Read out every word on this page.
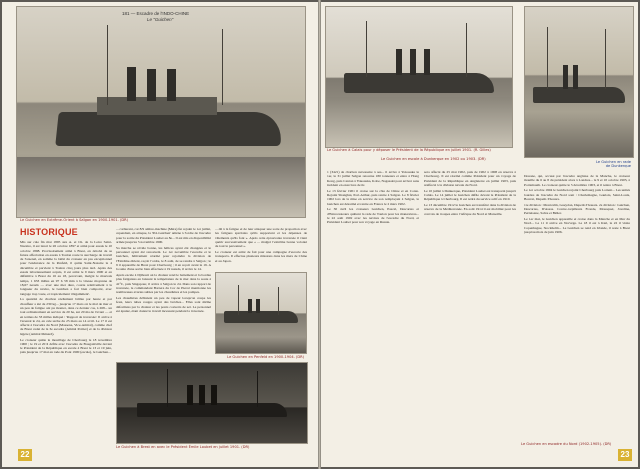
181 — Escadre de l'INDO-CHINE
Le "Guichen"
Le Guichen en Extrême-Orient à Saïgon en 1900-1901. (DR)
HISTORIQUE

Mis sur cale fin mai 1895 aux A. et Ch. de la Loire Saint-Nazaire, il est lancé le 26 octobre 1897 et armé pour essais le 10 octobre 1898. Provisoirement armé à Brest, en dérobé de sa future affectation en essais à Toulon route la surcharge de travail de l'arsenal, en somme la laitlé du croiseur en pas exceptionnel pour l'endurance de la Penfeld, il quitte Saint-Nazaire le 4 décembre et parvient à Toulon cinq jours plus tard. Après des essais laborieusement acquis, il est armé le 9 mars 1900 et en définitive à Brest du 16 au 18, percevant, malgré le mauvais temps, 1 633 milles en 97 h 58 min à la vitesse moyenne de 18,67 nœuds — avec une mer dure, courte relativement à la longueur du navire, le Guichen a fort bien comporté, avec tangage trop vaste, et tropicalement 'élégamment'.

La quantité de charbon réellement brûlée par heure et par chauffeur a été de 230 kg... jusqu'au 17 mars où le mal de mer et un peu de fatigue ont pu monter, dans ce dernier cas, à 268... un tout ordinairement en service de 20 ha, sur 20 ma de l'avant — et en termes de 33 milles indiqué : 'Rapport de traversée'. Il arrive à l'arsenal le 24, en cale sèche du 25 mars au 14 avril. Le 17 il est affecté à l'escadre du Nord (Massena, Vice-Amiral), comme chef de Brest cadet de la 3e escadre (Amiral Pottier) et de la division légère (Amiral Ménard).

Le croiseur quitte le mouillage de Cherbourg le 18 novembre 1900 ; le 19 et 20 il défile avec l'escadre de Bougainville devant le Président de la République en escale à Brest le 13 et 19 juin, puis jusqu'au 17 mai en rade du Pont 1900 (escale), le Guichen...

... carburant, car 8/9 ambre-machine (Mère) fut rejoint le 1er juillet, cependant, en attaque, la 'Pré-Guichen' amène à l'ordre de l'escadre pour la sortie du Président Loubet au 8e... Il est mis en disponibilité armée jusqu'au 5 novembre 1900.

Sa marche se révèle bonne, les hélices ayant été changées et le personnel ayant été renouvelé. Le 1er novembre l'escadre et le Guichen, hâtivement réarmé pour rejoindre la division de l'Extrême-Orient, reçoit l'ordre, le 8 août, de se rendre à Saïgon ; le 9 il appareille de Brest pour Cherbourg ; il en reçoit avant le 19. A la suite d'une sortie bien effectuée à 19 nœuds, il arrive le 14.

Après escale à Djibouti où la chaleur rend le battement et la bordée plus fatigantes en laissant la température de la mer dans la soute à 41°C, puis Singapour, il arrive à Saïgon le 24. Dans son rapport de traversée, le commandant Barrera du Cor de Piercé mentionne les nombreuses avaries subies par les chaudières et les pompes.

Les chaudières déblaient un peu de vapeur lorsqu'on coupe les feux, leurs tubes rouges ayant des brèches... Elles sont même déformées par la chaleur et les ponts couverts de sel. Le personnel est épuisé, étant donné le travail incessant pendant la traversée.

... dû à la fatigue et de leur attaquer une sorte de proportion avec les fatigues spéciales qu'ils supportent et les dépenses de vêtements qu'ils font ». Après cette éprouvante traversée il vient quérir successivement que « ... malgré l'extrême bonne volonté de tout le personnel ».

Le croiseur est armé de fait pour une campagne d'escorte des transports. Il effectue plusieurs missions dans les mers de Chine et au Japon.

Le Guichen en Penfeld en 1900-1904. (DR)
Le Guichen à Brest en avec le Président Émile Loubet en juillet 1901. (DR)
22
Le Guichen à Calais pour y déposer le Président de la République en juillet 1901. (R. Gilles)
Le Guichen en rade
de Dunkerque
Le Guichen en escale à Dunkerque en 1902 ou 1903. (DR)

1 (3421) de charbon nécessaire à ses... il arrive à Yokosuka le 1er, le 31 juillet Saïgon retourne 180 tonneaux et entre à Hong Kong, puis Canton à Yokosuka, Kobe, Nagasaki pour arriver sans incident en exercices de tir.

Le 13 février 1901 il croise sur la côte de Chine et en Corée. Rejoint Shanghai, Port-Arthur, puis rentre à Saïgon. Le 8 février 1902 lors de la mise en service de son remplaçant à Saïgon, le Guichen est désarmé et rentre en France le 2 mars 1902.

Le 30 avril les croiseurs Guichen, Pascal, Descartes et d'Entrecasteaux quittent la rade de Toulon pour les manœuvres... le 22 août 1902 avec les navires de l'escadre du Nord, et Président Loubet pour son voyage en Russie.

sera affecté du 25 mai 1902, puis de 1902 à 1908 en réserve à Cherbourg. Il est réarmé comme Président pour un voyage de Président de la République en Angleterre en juillet 1903, puis réaffecté à la division navale du Nord.

Le 10 juillet à Dunkerque, Président Loubet est transporté jusqu'à Calais. Le 14 juillet le Guichen défile devant le Président de la République à Cherbourg. Il est retiré du service actif en 1910.

Le 13 décembre 1912 le Guichen est transféré dans la division de réserve de la Méditerranée. En août 1914 il est mobilisé pour les convois de troupes entre l'Afrique du Nord et Marseille.

Douane, qui, accusé par l'escadre anglaise de la Manche, le croiseur mouille du 6 au 8 du président alors à Londres... le 9 et 10 octobre 1903, à Portsmouth. Le croiseur quitte le 5 décembre 1903, et il rentre à Brest.

Le 1er octobre 1904 le Guichen rejoint Cherbourg puis Lorient... Les unités lourdes de l'escadre du Nord sont : Charlemagne, Gaulois, Saint-Louis, Bouvet, Dupetit-Thouars.

1re division : Montcalm, Gueydon, Dupetit-Thouars. 2e division : Guichen, Descartes, D'Assas. Contre-torpilleurs Fronde, Mousquet, Javeline, Pertuisane, Sabre et Bélier.

Le 1er mai, le Guichen appareille et croise dans la Manche et en Mer du Nord... Le 11 il arrive en Norvège. Le 18 il est à Kiel, le 22 il visite Copenhague, Stockholm... Le Guichen se rend en Irlande, il reste à Brest jusqu'au mois de juin 1906.

Le Guichen en escadre du Nord (1902-1905). (DR)
23
